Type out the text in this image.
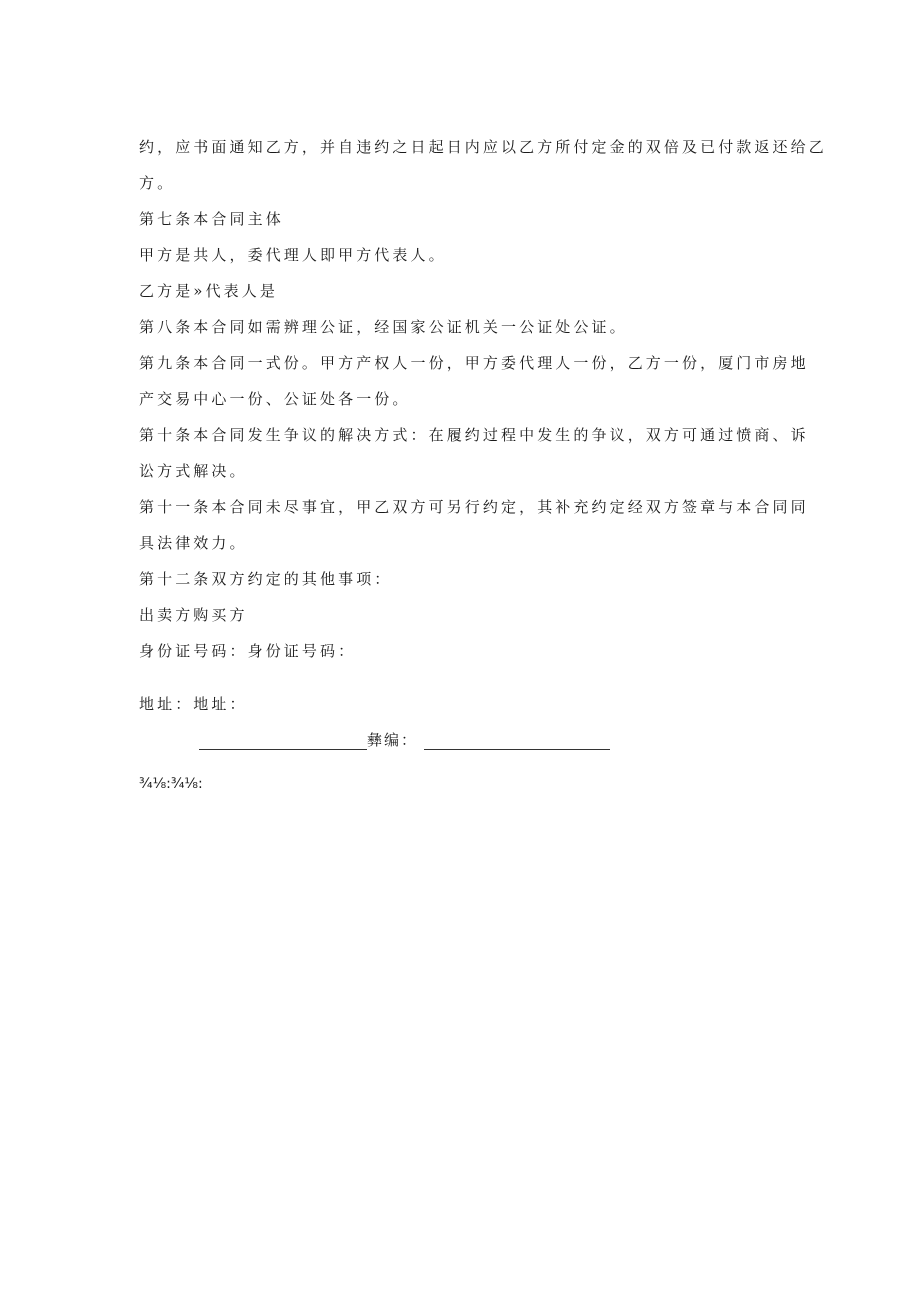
约，应书面通知乙方，并自违约之日起日内应以乙方所付定金的双倍及已付款返还给乙
方。
第七条本合同主体
甲方是共人，委代理人即甲方代表人。
乙方是»代表人是
第八条本合同如需辨理公证，经国家公证机关一公证处公证。
第九条本合同一式份。甲方产权人一份，甲方委代理人一份，乙方一份，厦门市房地
产交易中心一份、公证处各一份。
第十条本合同发生争议的解决方式：在履约过程中发生的争议，双方可通过愤商、诉
讼方式解决。
第十一条本合同未尽事宜，甲乙双方可另行约定，其补充约定经双方签章与本合同同
具法律效力。
第十二条双方约定的其他事项：
出卖方购买方
身份证号码：身份证号码：
地址：地址：
彝编：
¾⅛:¾⅛:
